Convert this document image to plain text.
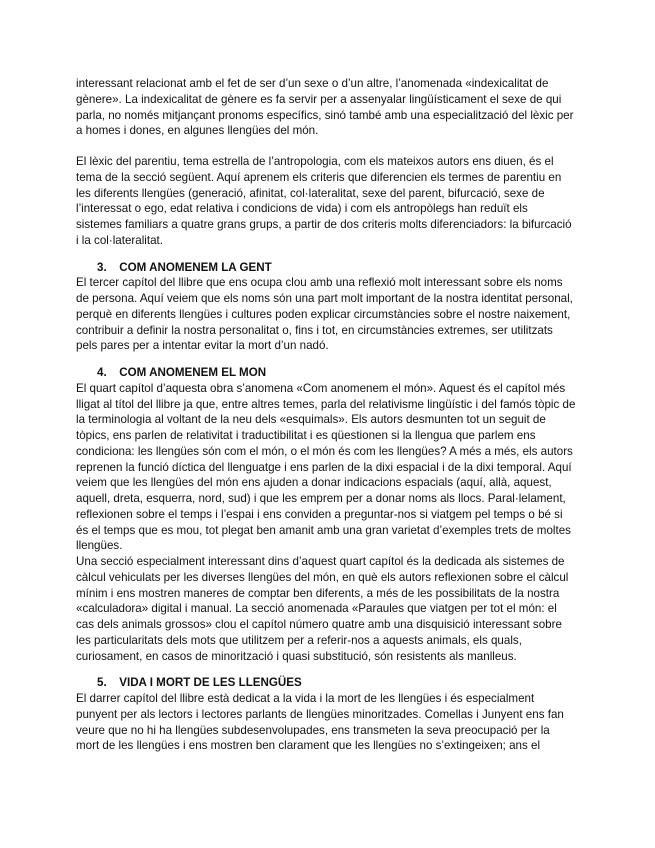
interessant relacionat amb el fet de ser d’un sexe o d’un altre, l’anomenada «indexicalitat de gènere». La indexicalitat de gènere es fa servir per a assenyalar lingüísticament el sexe de qui parla, no només mitjançant pronoms específics, sinó també amb una especialització del lèxic per a homes i dones, en algunes llengües del món.

El lèxic del parentiu, tema estrella de l’antropologia, com els mateixos autors ens diuen, és el tema de la secció següent. Aquí aprenem els criteris que diferencien els termes de parentiu en les diferents llengües (generació, afinitat, col·lateralitat, sexe del parent, bifurcació, sexe de l’interessat o ego, edat relativa i condicions de vida) i com els antropòlegs han reduït els sistemes familiars a quatre grans grups, a partir de dos criteris molts diferenciadors: la bifurcació i la col·lateralitat.

3. COM ANOMENEM LA GENT

El tercer capítol del llibre que ens ocupa clou amb una reflexió molt interessant sobre els noms de persona. Aquí veiem que els noms són una part molt important de la nostra identitat personal, perquè en diferents llengües i cultures poden explicar circumstàncies sobre el nostre naixement, contribuir a definir la nostra personalitat o, fins i tot, en circumstàncies extremes, ser utilitzats pels pares per a intentar evitar la mort d’un nadó.

4. COM ANOMENEM EL MON

El quart capítol d’aquesta obra s’anomena «Com anomenem el món». Aquest és el capítol més lligat al títol del llibre ja que, entre altres temes, parla del relativisme lingüístic i del famós tòpic de la terminologia al voltant de la neu dels «esquimals». Els autors desmunten tot un seguit de tòpics, ens parlen de relativitat i traductibilitat i es qüestionen si la llengua que parlem ens condiciona: les llengües són com el món, o el món és com les llengües? A més a més, els autors reprenen la funció díctica del llenguatge i ens parlen de la dixi espacial i de la dixi temporal. Aquí veiem que les llengües del món ens ajuden a donar indicacions espacials (aquí, allà, aquest, aquell, dreta, esquerra, nord, sud) i que les emprem per a donar noms als llocs. Paral·lelament, reflexionen sobre el temps i l’espai i ens conviden a preguntar-nos si viatgem pel temps o bé si és el temps que es mou, tot plegat ben amanit amb una gran varietat d’exemples trets de moltes llengües.

Una secció especialment interessant dins d’aquest quart capítol és la dedicada als sistemes de càlcul vehiculats per les diverses llengües del món, en què els autors reflexionen sobre el càlcul mínim i ens mostren maneres de comptar ben diferents, a més de les possibilitats de la nostra «calculadora» digital i manual. La secció anomenada «Paraules que viatgen per tot el món: el cas dels animals grossos» clou el capítol número quatre amb una disquisició interessant sobre les particularitats dels mots que utilitzem per a referir-nos a aquests animals, els quals, curiosament, en casos de minorització i quasi substitució, són resistents als manlleus.

5. VIDA I MORT DE LES LLENGÜES

El darrer capítol del llibre està dedicat a la vida i la mort de les llengües i és especialment punyent per als lectors i lectores parlants de llengües minoritzades. Comellas i Junyent ens fan veure que no hi ha llengües subdesenvolupades, ens transmeten la seva preocupació per la mort de les llengües i ens mostren ben clarament que les llengües no s’extingeixen; ans el
